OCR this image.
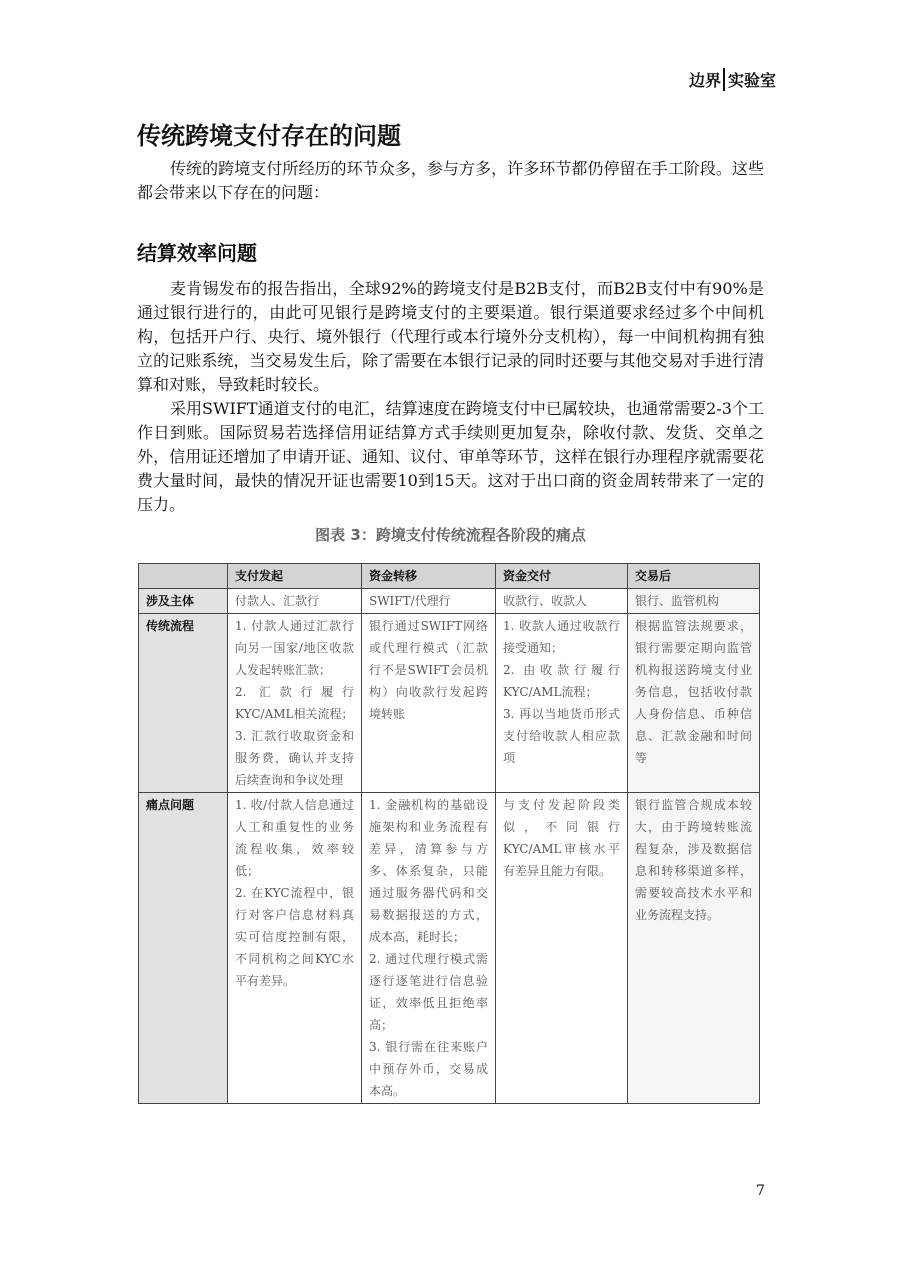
边界 实验室
传统跨境支付存在的问题

传统的跨境支付所经历的环节众多，参与方多，许多环节都仍停留在手工阶段。这些都会带来以下存在的问题：

结算效率问题

麦肯锡发布的报告指出，全球92%的跨境支付是B2B支付，而B2B支付中有90%是通过银行进行的，由此可见银行是跨境支付的主要渠道。银行渠道要求经过多个中间机构，包括开户行、央行、境外银行（代理行或本行境外分支机构），每一中间机构拥有独立的记账系统，当交易发生后，除了需要在本银行记录的同时还要与其他交易对手进行清算和对账，导致耗时较长。

采用SWIFT通道支付的电汇，结算速度在跨境支付中已属较块，也通常需要2-3个工作日到账。国际贸易若选择信用证结算方式手续则更加复杂，除收付款、发货、交单之外，信用证还增加了申请开证、通知、议付、审单等环节，这样在银行办理程序就需要花费大量时间，最快的情况开证也需要10到15天。这对于出口商的资金周转带来了一定的压力。

图表 3：跨境支付传统流程各阶段的痛点
	支付发起	资金转移	资金交付	交易后
涉及主体	付款人、汇款行	SWIFT/代理行	收款行、收款人	银行、监管机构

传统流程	1. 付款人通过汇款行向另一国家/地区收款人发起转账汇款；
2. 汇款行履行KYC/AML相关流程；
3. 汇款行收取资金和服务费，确认并支持后续查询和争议处理	银行通过SWIFT网络或代理行模式（汇款行不是SWIFT会员机构）向收款行发起跨境转账	1. 收款人通过收款行接受通知；
2. 由收款行履行KYC/AML流程；
3. 再以当地货币形式支付给收款人相应款项	根据监管法规要求，银行需要定期向监管机构报送跨境支付业务信息，包括收付款人身份信息、币种信息、汇款金融和时间等

痛点问题	1. 收/付款人信息通过人工和重复性的业务流程收集，效率较低；
2. 在KYC流程中，银行对客户信息材料真实可信度控制有限，不同机构之间KYC水平有差异。	1. 金融机构的基础设施架构和业务流程有差异，清算参与方多、体系复杂，只能通过服务器代码和交易数据报送的方式，成本高，耗时长；
2. 通过代理行模式需逐行逐笔进行信息验证，效率低且拒绝率高；
3. 银行需在往来账户中预存外币，交易成本高。	与支付发起阶段类似，不同银行KYC/AML审核水平有差异且能力有限。	银行监管合规成本较大，由于跨境转账流程复杂，涉及数据信息和转移渠道多样，需要较高技术水平和业务流程支持。
7
